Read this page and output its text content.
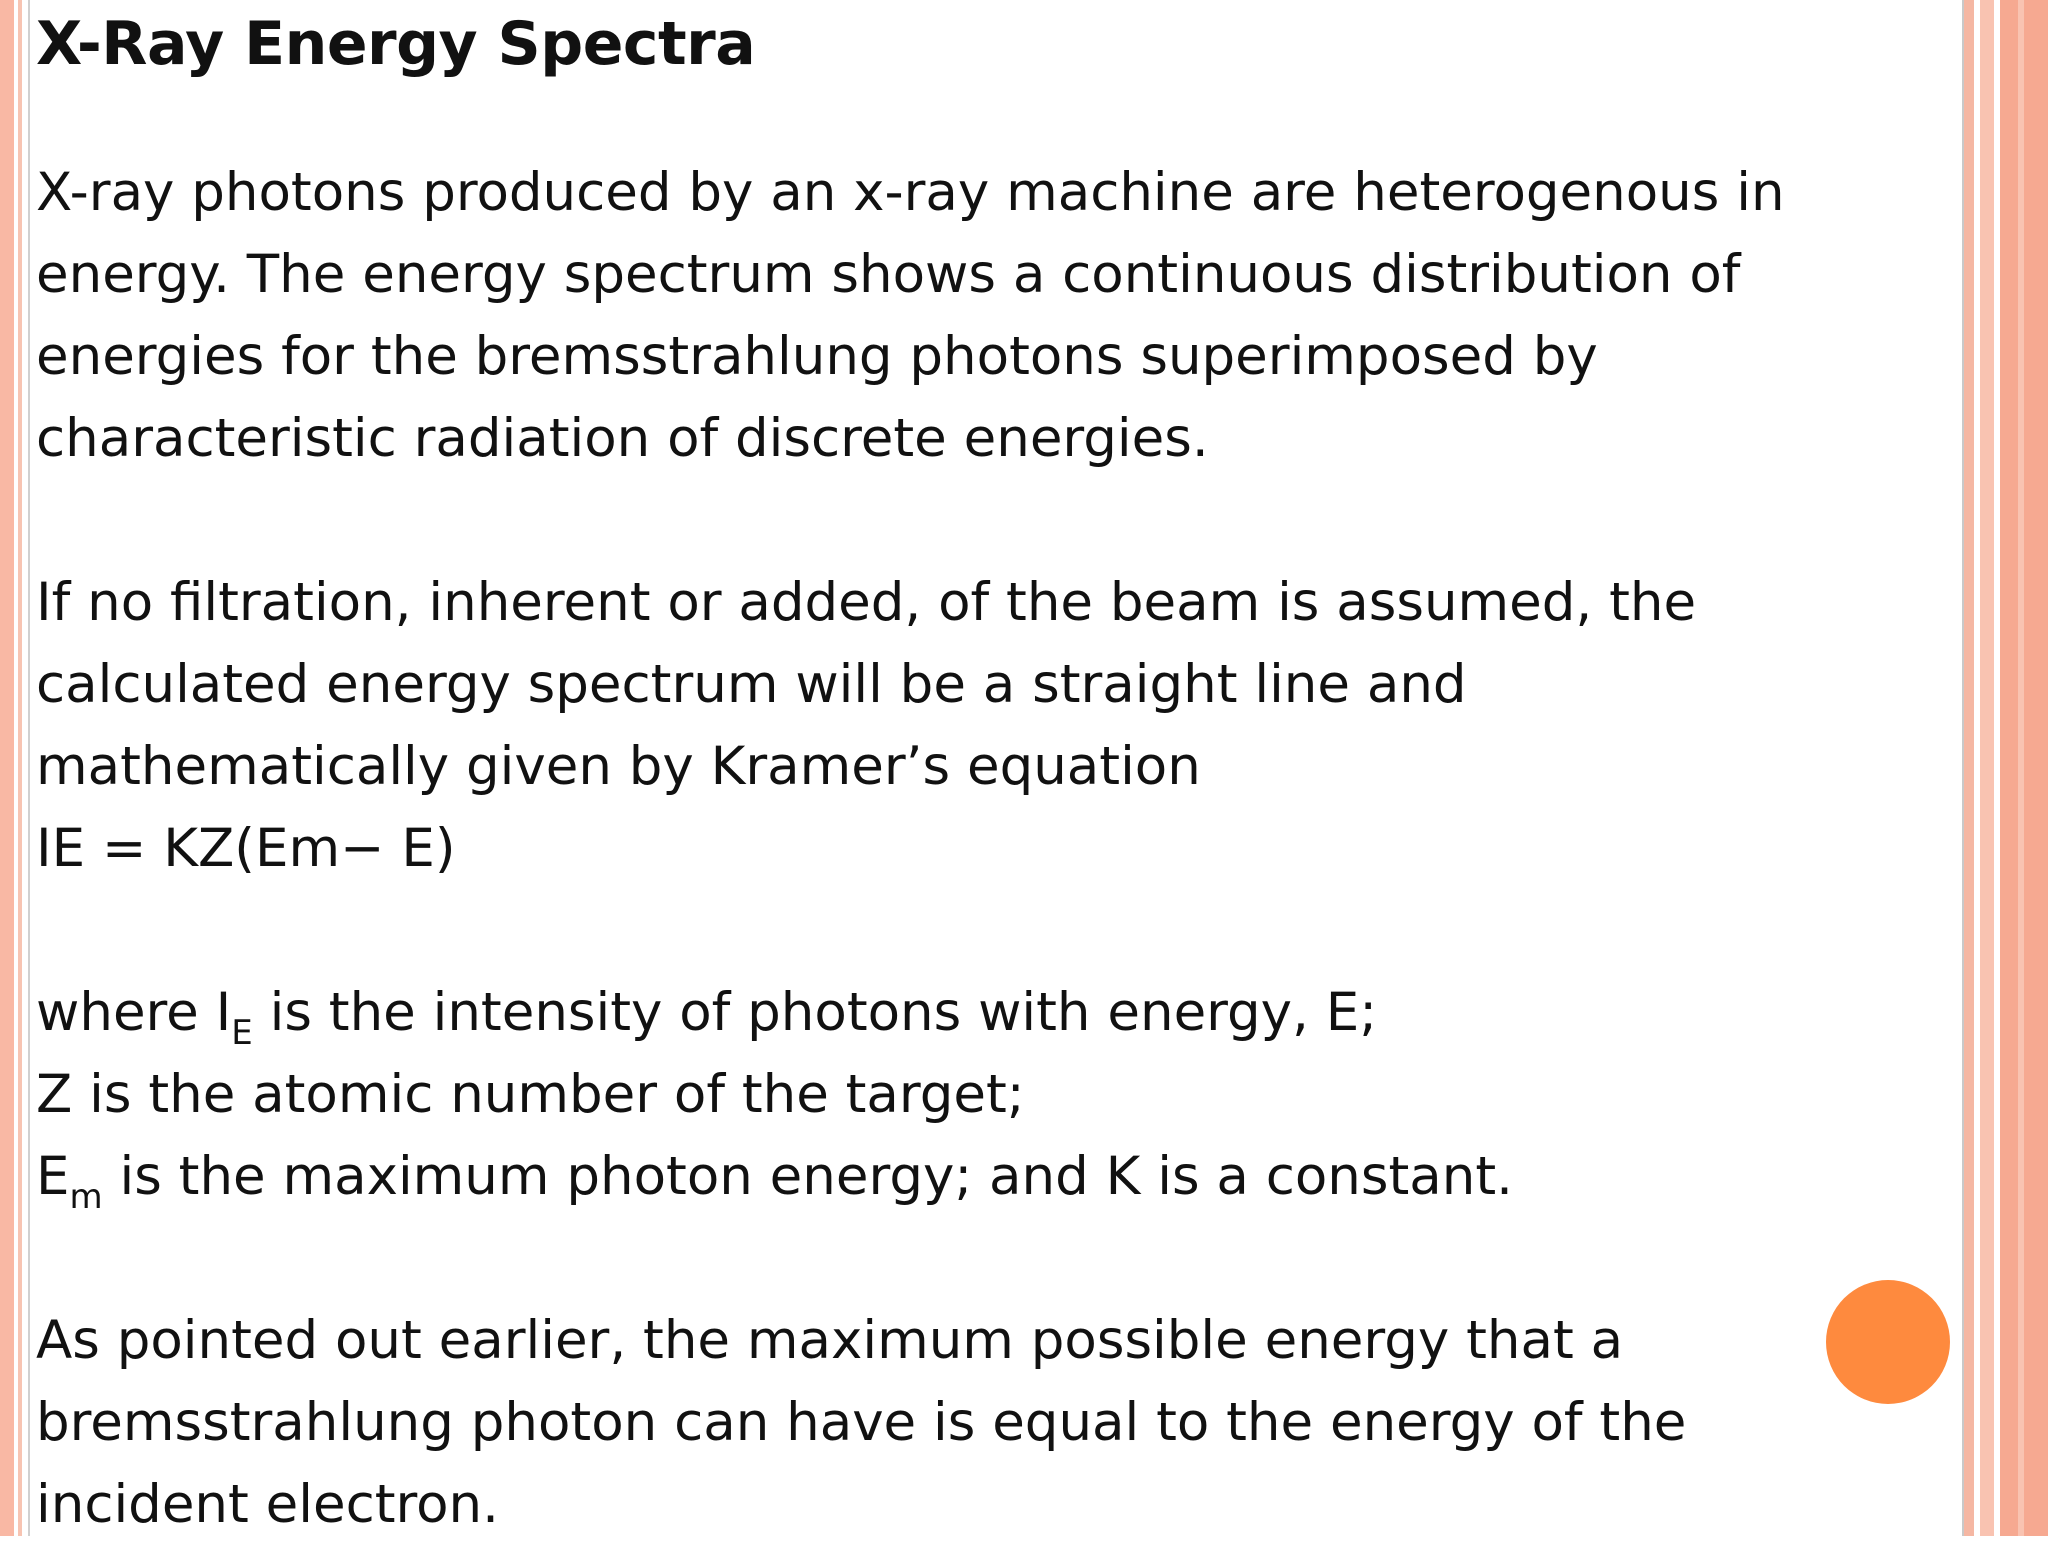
X-Ray Energy Spectra
X-ray photons produced by an x-ray machine are heterogenous in
energy. The energy spectrum shows a continuous distribution of
energies for the bremsstrahlung photons superimposed by
characteristic radiation of discrete energies.
If no filtration, inherent or added, of the beam is assumed, the
calculated energy spectrum will be a straight line and
mathematically given by Kramer’s equation
IE = KZ(Em− E)
where $I_E$ is the intensity of photons with energy, E;
Z is the atomic number of the target;
$E_m$ is the maximum photon energy; and K is a constant.
As pointed out earlier, the maximum possible energy that a
bremsstrahlung photon can have is equal to the energy of the
incident electron.
